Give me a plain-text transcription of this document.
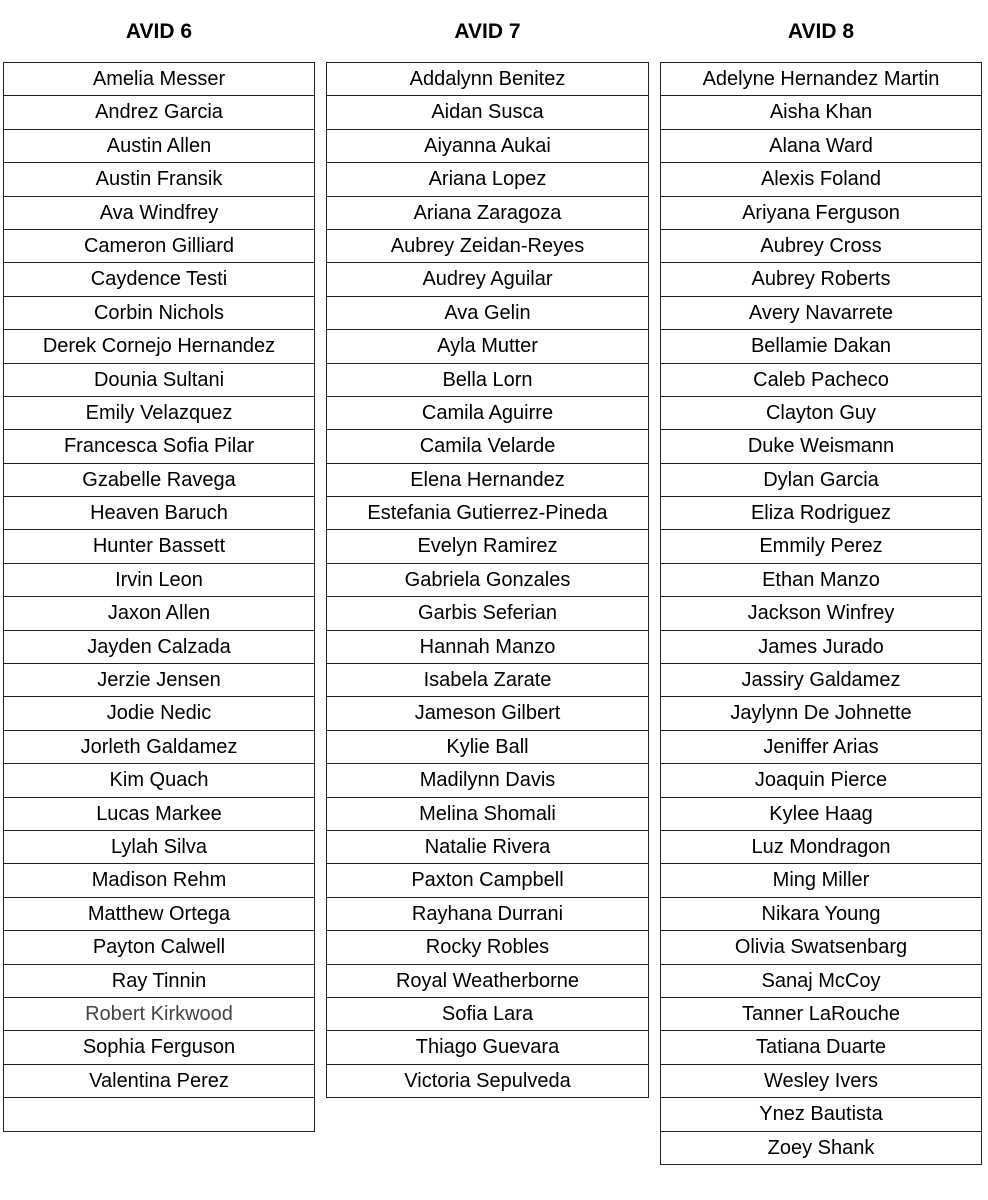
AVID 6
Amelia Messer
Andrez Garcia
Austin Allen
Austin Fransik
Ava Windfrey
Cameron Gilliard
Caydence Testi
Corbin Nichols
Derek Cornejo Hernandez
Dounia Sultani
Emily Velazquez
Francesca Sofia Pilar
Gzabelle Ravega
Heaven Baruch
Hunter Bassett
Irvin Leon
Jaxon Allen
Jayden Calzada
Jerzie Jensen
Jodie Nedic
Jorleth Galdamez
Kim Quach
Lucas Markee
Lylah Silva
Madison Rehm
Matthew Ortega
Payton Calwell
Ray Tinnin
Robert Kirkwood
Sophia Ferguson
Valentina Perez
AVID 7
Addalynn Benitez
Aidan Susca
Aiyanna Aukai
Ariana Lopez
Ariana Zaragoza
Aubrey Zeidan-Reyes
Audrey Aguilar
Ava Gelin
Ayla Mutter
Bella Lorn
Camila Aguirre
Camila Velarde
Elena Hernandez
Estefania Gutierrez-Pineda
Evelyn Ramirez
Gabriela Gonzales
Garbis Seferian
Hannah Manzo
Isabela Zarate
Jameson Gilbert
Kylie Ball
Madilynn Davis
Melina Shomali
Natalie Rivera
Paxton Campbell
Rayhana Durrani
Rocky Robles
Royal Weatherborne
Sofia Lara
Thiago Guevara
Victoria Sepulveda
AVID 8
Adelyne Hernandez Martin
Aisha Khan
Alana Ward
Alexis Foland
Ariyana Ferguson
Aubrey Cross
Aubrey Roberts
Avery Navarrete
Bellamie Dakan
Caleb Pacheco
Clayton Guy
Duke Weismann
Dylan Garcia
Eliza Rodriguez
Emmily Perez
Ethan Manzo
Jackson Winfrey
James Jurado
Jassiry Galdamez
Jaylynn De Johnette
Jeniffer Arias
Joaquin Pierce
Kylee Haag
Luz Mondragon
Ming Miller
Nikara Young
Olivia Swatsenbarg
Sanaj McCoy
Tanner LaRouche
Tatiana Duarte
Wesley Ivers
Ynez Bautista
Zoey Shank
